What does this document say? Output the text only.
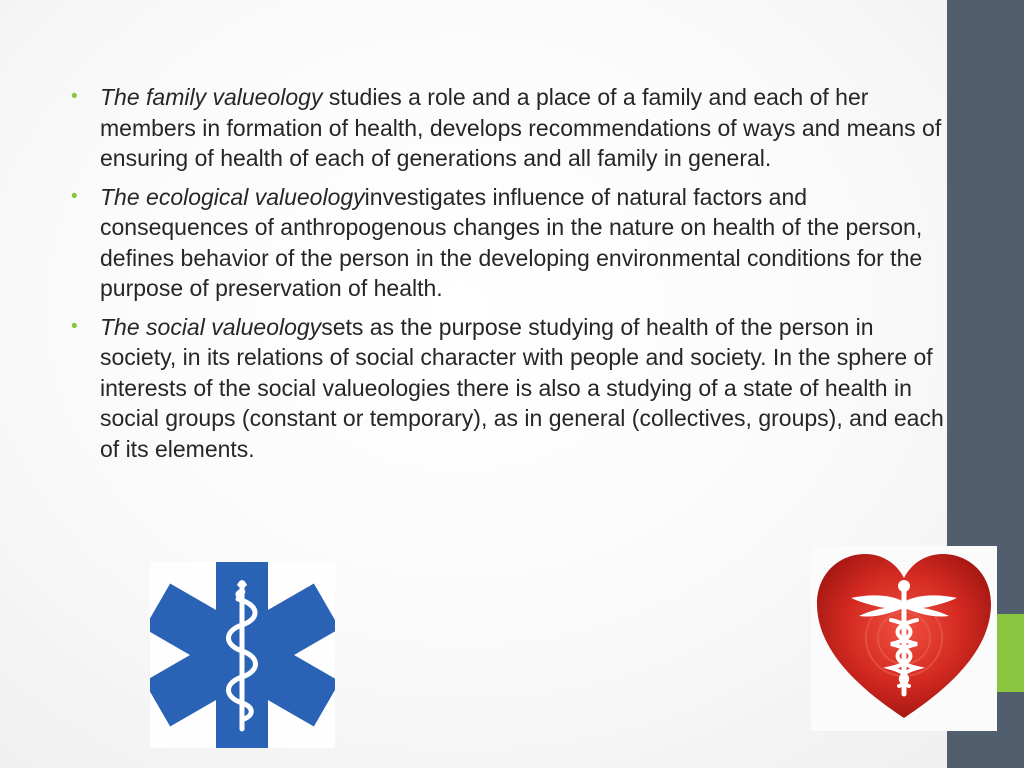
• The family valueology studies a role and a place of a family and each of her members in formation of health, develops recommendations of ways and means of ensuring of health of each of generations and all family in general.
• The ecological valueologyinvestigates influence of natural factors and consequences of anthropogenous changes in the nature on health of the person, defines behavior of the person in the developing environmental conditions for the purpose of preservation of health.
• The social valueologysets as the purpose studying of health of the person in society, in its relations of social character with people and society. In the sphere of interests of the social valueologies there is also a studying of a state of health in social groups (constant or temporary), as in general (collectives, groups), and each of its elements.
